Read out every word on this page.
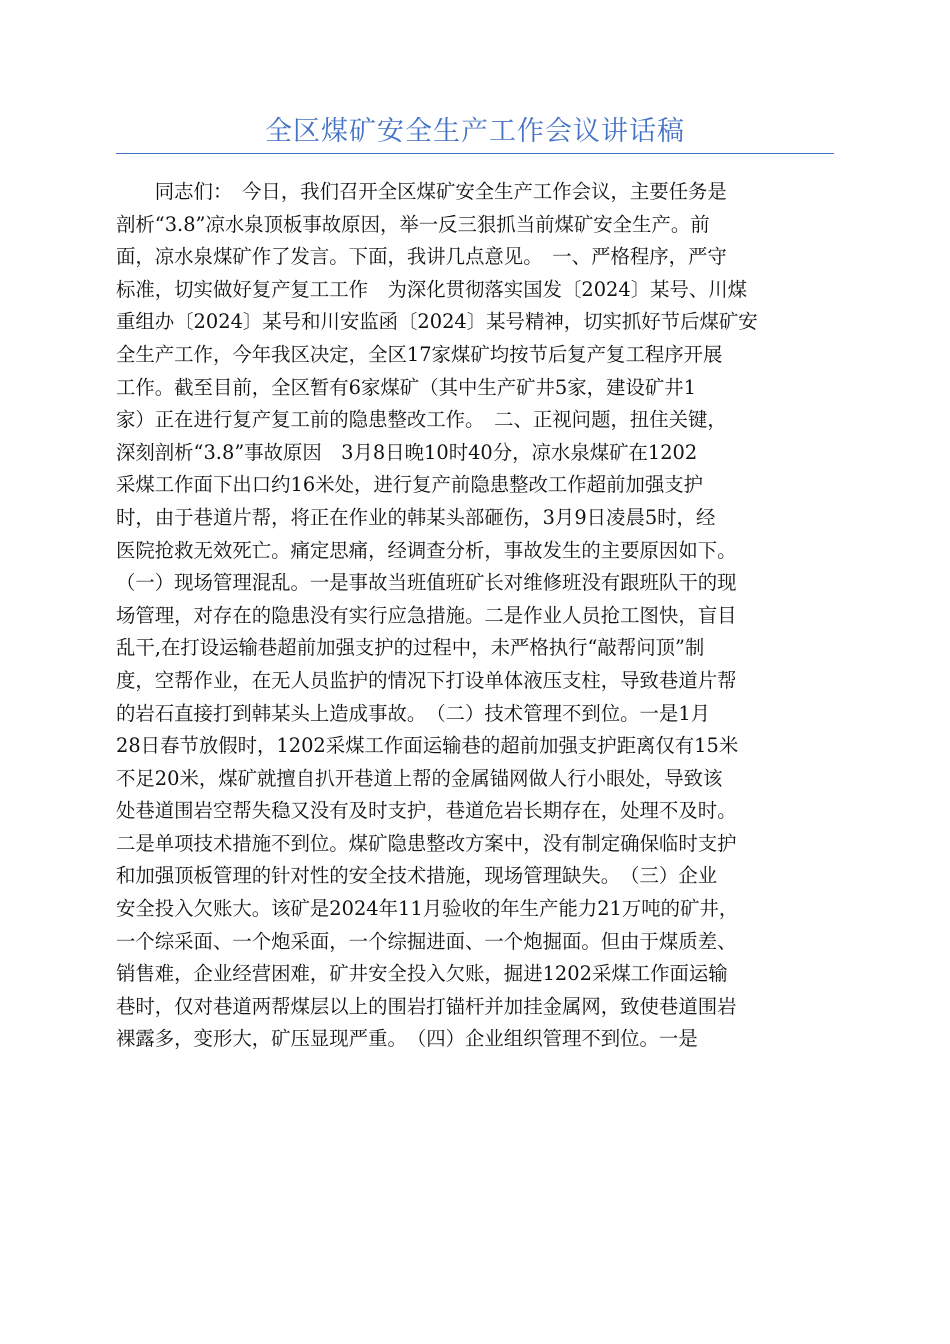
全区煤矿安全生产工作会议讲话稿
　　同志们：　今日，我们召开全区煤矿安全生产工作会议，主要任务是
剖析“3.8”凉水泉顶板事故原因，举一反三狠抓当前煤矿安全生产。前
面，凉水泉煤矿作了发言。下面，我讲几点意见。　一、严格程序，严守
标准，切实做好复产复工工作　为深化贯彻落实国发〔2024〕某号、川煤
重组办〔2024〕某号和川安监函〔2024〕某号精神，切实抓好节后煤矿安
全生产工作，今年我区决定，全区17家煤矿均按节后复产复工程序开展
工作。截至目前，全区暂有6家煤矿（其中生产矿井5家，建设矿井1
家）正在进行复产复工前的隐患整改工作。　二、正视问题，扭住关键，
深刻剖析“3.8”事故原因　3月8日晚10时40分，凉水泉煤矿在1202
采煤工作面下出口约16米处，进行复产前隐患整改工作超前加强支护
时，由于巷道片帮，将正在作业的韩某头部砸伤，3月9日凌晨5时，经
医院抢救无效死亡。痛定思痛，经调查分析，事故发生的主要原因如下。
（一）现场管理混乱。一是事故当班值班矿长对维修班没有跟班队干的现
场管理，对存在的隐患没有实行应急措施。二是作业人员抢工图快，盲目
乱干,在打设运输巷超前加强支护的过程中，未严格执行“敲帮问顶”制
度，空帮作业，在无人员监护的情况下打设单体液压支柱，导致巷道片帮
的岩石直接打到韩某头上造成事故。　（二）技术管理不到位。一是1月
28日春节放假时，1202采煤工作面运输巷的超前加强支护距离仅有15米
不足20米，煤矿就擅自扒开巷道上帮的金属锚网做人行小眼处，导致该
处巷道围岩空帮失稳又没有及时支护，巷道危岩长期存在，处理不及时。
二是单项技术措施不到位。煤矿隐患整改方案中，没有制定确保临时支护
和加强顶板管理的针对性的安全技术措施，现场管理缺失。　（三）企业
安全投入欠账大。该矿是2024年11月验收的年生产能力21万吨的矿井，
一个综采面、一个炮采面，一个综掘进面、一个炮掘面。但由于煤质差、
销售难，企业经营困难，矿井安全投入欠账，掘进1202采煤工作面运输
巷时，仅对巷道两帮煤层以上的围岩打锚杆并加挂金属网，致使巷道围岩
裸露多，变形大，矿压显现严重。　（四）企业组织管理不到位。一是
